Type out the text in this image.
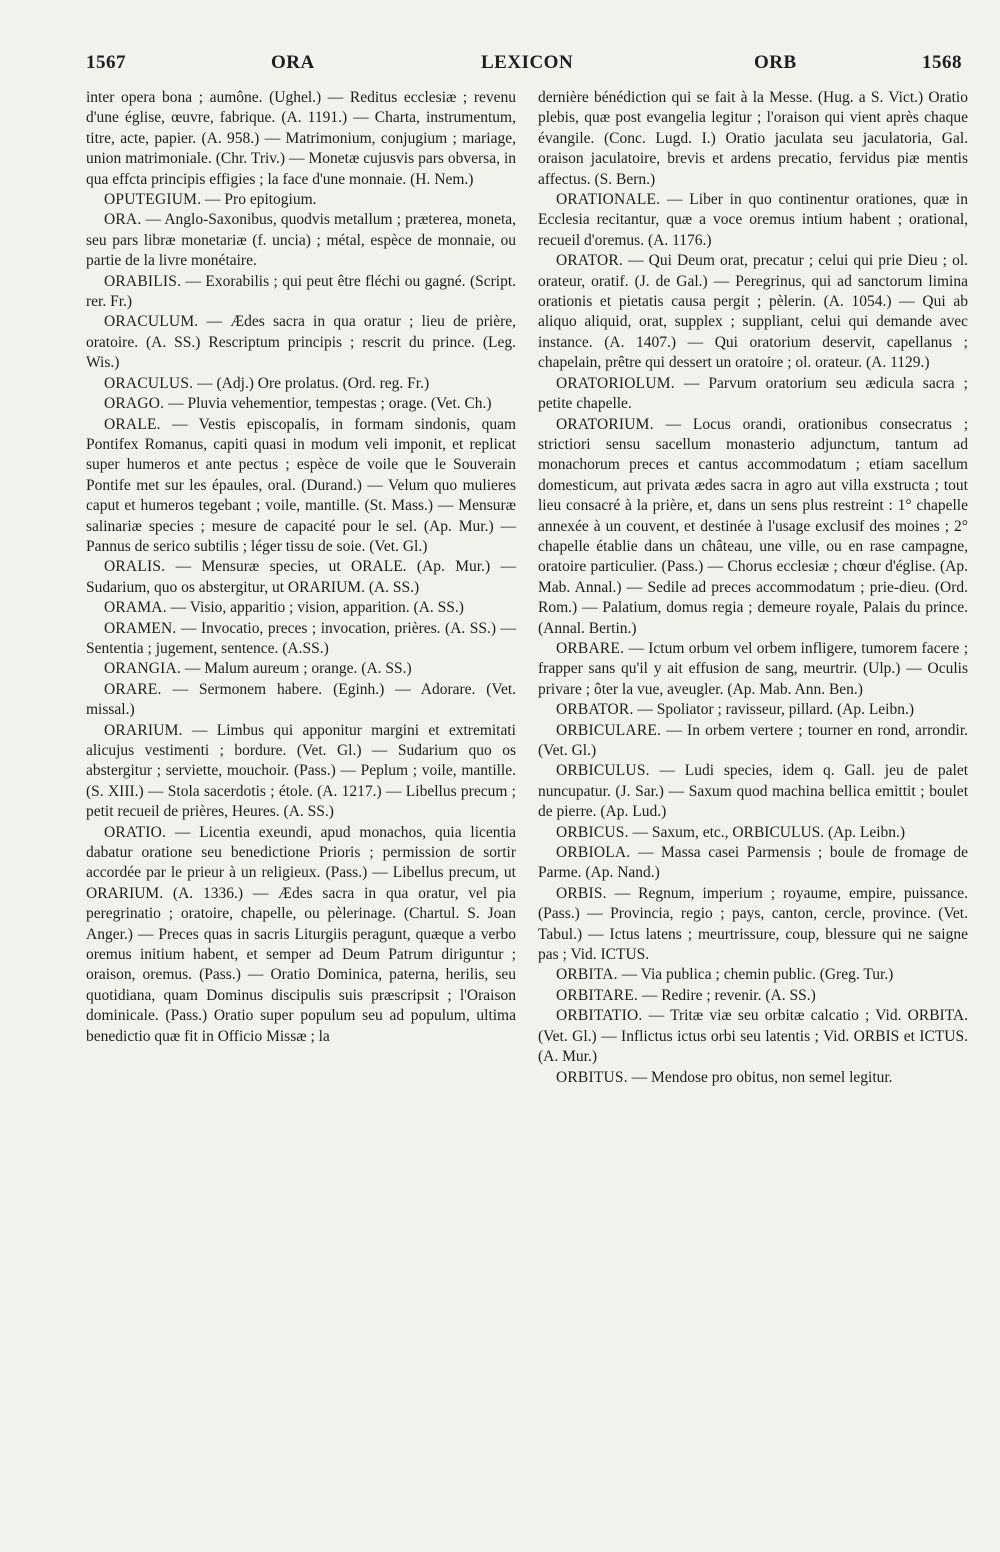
1567	ORA	LEXICON	ORB	1568

inter opera bona ; aumône. (Ughel.) — Reditus ecclesiæ ; revenu d'une église, œuvre, fabrique. (A. 1191.) — Charta, instrumentum, titre, acte, papier. (A. 958.) — Matrimonium, conjugium ; mariage, union matrimoniale. (Chr. Triv.) — Monetæ cujusvis pars obversa, in qua effcta principis effigies ; la face d'une monnaie. (H. Nem.)

OPUTEGIUM. — Pro epitogium.

ORA. — Anglo-Saxonibus, quodvis metallum ; præterea, moneta, seu pars libræ monetariæ (f. uncia) ; métal, espèce de monnaie, ou partie de la livre monétaire.

ORABILIS. — Exorabilis ; qui peut être fléchi ou gagné. (Script. rer. Fr.)

ORACULUM. — Ædes sacra in qua oratur ; lieu de prière, oratoire. (A. SS.) Rescriptum principis ; rescrit du prince. (Leg. Wis.)

ORACULUS. — (Adj.) Ore prolatus. (Ord. reg. Fr.)

ORAGO. — Pluvia vehementior, tempestas ; orage. (Vet. Ch.)

ORALE. — Vestis episcopalis, in formam sindonis, quam Pontifex Romanus, capiti quasi in modum veli imponit, et replicat super humeros et ante pectus ; espèce de voile que le Souverain Pontife met sur les épaules, oral. (Durand.) — Velum quo mulieres caput et humeros tegebant ; voile, mantille. (St. Mass.) — Mensuræ salinariæ species ; mesure de capacité pour le sel. (Ap. Mur.) — Pannus de serico subtilis ; léger tissu de soie. (Vet. Gl.)

ORALIS. — Mensuræ species, ut ORALE. (Ap. Mur.) — Sudarium, quo os abstergitur, ut ORARIUM. (A. SS.)

ORAMA. — Visio, apparitio ; vision, apparition. (A. SS.)

ORAMEN. — Invocatio, preces ; invocation, prières. (A. SS.) — Sententia ; jugement, sentence. (A.SS.)

ORANGIA. — Malum aureum ; orange. (A. SS.)

ORARE. — Sermonem habere. (Eginh.) — Adorare. (Vet. missal.)

ORARIUM. — Limbus qui apponitur margini et extremitati alicujus vestimenti ; bordure. (Vet. Gl.) — Sudarium quo os abstergitur ; serviette, mouchoir. (Pass.) — Peplum ; voile, mantille. (S. XIII.) — Stola sacerdotis ; étole. (A. 1217.) — Libellus precum ; petit recueil de prières, Heures. (A. SS.)

ORATIO. — Licentia exeundi, apud monachos, quia licentia dabatur oratione seu benedictione Prioris ; permission de sortir accordée par le prieur à un religieux. (Pass.) — Libellus precum, ut ORARIUM. (A. 1336.) — Ædes sacra in qua oratur, vel pia peregrinatio ; oratoire, chapelle, ou pèlerinage. (Chartul. S. Joan Anger.) — Preces quas in sacris Liturgiis peragunt, quæque a verbo oremus initium habent, et semper ad Deum Patrum diriguntur ; oraison, oremus. (Pass.) — Oratio Dominica, paterna, herilis, seu quotidiana, quam Dominus discipulis suis præscripsit ; l'Oraison dominicale. (Pass.) Oratio super populum seu ad populum, ultima benedictio quæ fit in Officio Missæ ; la

dernière bénédiction qui se fait à la Messe. (Hug. a S. Vict.) Oratio plebis, quæ post evangelia legitur ; l'oraison qui vient après chaque évangile. (Conc. Lugd. I.) Oratio jaculata seu jaculatoria, Gal. oraison jaculatoire, brevis et ardens precatio, fervidus piæ mentis affectus. (S. Bern.)

ORATIONALE. — Liber in quo continentur orationes, quæ in Ecclesia recitantur, quæ a voce oremus intium habent ; orational, recueil d'oremus. (A. 1176.)

ORATOR. — Qui Deum orat, precatur ; celui qui prie Dieu ; ol. orateur, oratif. (J. de Gal.) — Peregrinus, qui ad sanctorum limina orationis et pietatis causa pergit ; pèlerin. (A. 1054.) — Qui ab aliquo aliquid, orat, supplex ; suppliant, celui qui demande avec instance. (A. 1407.) — Qui oratorium deservit, capellanus ; chapelain, prêtre qui dessert un oratoire ; ol. orateur. (A. 1129.)

ORATORIOLUM. — Parvum oratorium seu ædicula sacra ; petite chapelle.

ORATORIUM. — Locus orandi, orationibus consecratus ; strictiori sensu sacellum monasterio adjunctum, tantum ad monachorum preces et cantus accommodatum ; etiam sacellum domesticum, aut privata ædes sacra in agro aut villa exstructa ; tout lieu consacré à la prière, et, dans un sens plus restreint : 1° chapelle annexée à un couvent, et destinée à l'usage exclusif des moines ; 2° chapelle établie dans un château, une ville, ou en rase campagne, oratoire particulier. (Pass.) — Chorus ecclesiæ ; chœur d'église. (Ap. Mab. Annal.) — Sedile ad preces accommodatum ; prie-dieu. (Ord. Rom.) — Palatium, domus regia ; demeure royale, Palais du prince. (Annal. Bertin.)

ORBARE. — Ictum orbum vel orbem infligere, tumorem facere ; frapper sans qu'il y ait effusion de sang, meurtrir. (Ulp.) — Oculis privare ; ôter la vue, aveugler. (Ap. Mab. Ann. Ben.)

ORBATOR. — Spoliator ; ravisseur, pillard. (Ap. Leibn.)

ORBICULARE. — In orbem vertere ; tourner en rond, arrondir. (Vet. Gl.)

ORBICULUS. — Ludi species, idem q. Gall. jeu de palet nuncupatur. (J. Sar.) — Saxum quod machina bellica emittit ; boulet de pierre. (Ap. Lud.)

ORBICUS. — Saxum, etc., ORBICULUS. (Ap. Leibn.)

ORBIOLA. — Massa casei Parmensis ; boule de fromage de Parme. (Ap. Nand.)

ORBIS. — Regnum, imperium ; royaume, empire, puissance. (Pass.) — Provincia, regio ; pays, canton, cercle, province. (Vet. Tabul.) — Ictus latens ; meurtrissure, coup, blessure qui ne saigne pas ; Vid. ICTUS.

ORBITA. — Via publica ; chemin public. (Greg. Tur.)

ORBITARE. — Redire ; revenir. (A. SS.)

ORBITATIO. — Tritæ viæ seu orbitæ calcatio ; Vid. ORBITA. (Vet. Gl.) — Inflictus ictus orbi seu latentis ; Vid. ORBIS et ICTUS. (A. Mur.)

ORBITUS. — Mendose pro obitus, non semel legitur.
